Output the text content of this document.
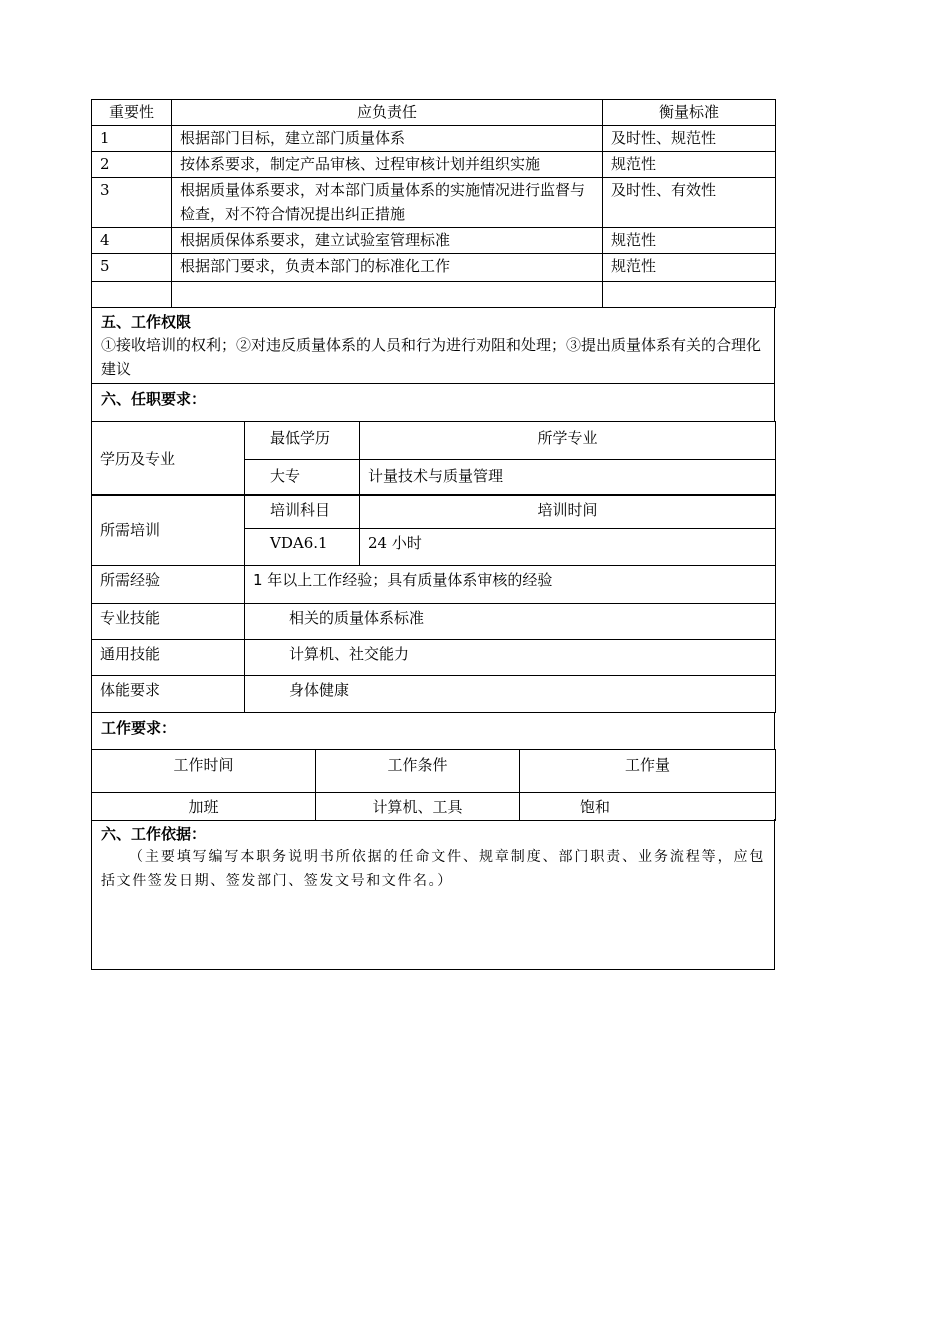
重要性	应负责任	衡量标准
1	根据部门目标，建立部门质量体系	及时性、规范性
2	按体系要求，制定产品审核、过程审核计划并组织实施	规范性
3	根据质量体系要求，对本部门质量体系的实施情况进行监督与检查，对不符合情况提出纠正措施	及时性、有效性
4	根据质保体系要求，建立试验室管理标准	规范性
5	根据部门要求，负责本部门的标准化工作	规范性

五、工作权限
①接收培训的权利；②对违反质量体系的人员和行为进行劝阻和处理；③提出质量体系有关的合理化建议
六、任职要求：
学历及专业	最低学历	所学专业
	大专	计量技术与质量管理
所需培训	培训科目	培训时间
	VDA6.1	24 小时
所需经验	1 年以上工作经验；具有质量体系审核的经验
专业技能	相关的质量体系标准
通用技能	计算机、社交能力
体能要求	身体健康
工作要求：
工作时间	工作条件	工作量
加班	计算机、工具	饱和
六、工作依据：
（主要填写编写本职务说明书所依据的任命文件、规章制度、部门职责、业务流程等，应包括文件签发日期、签发部门、签发文号和文件名。）
